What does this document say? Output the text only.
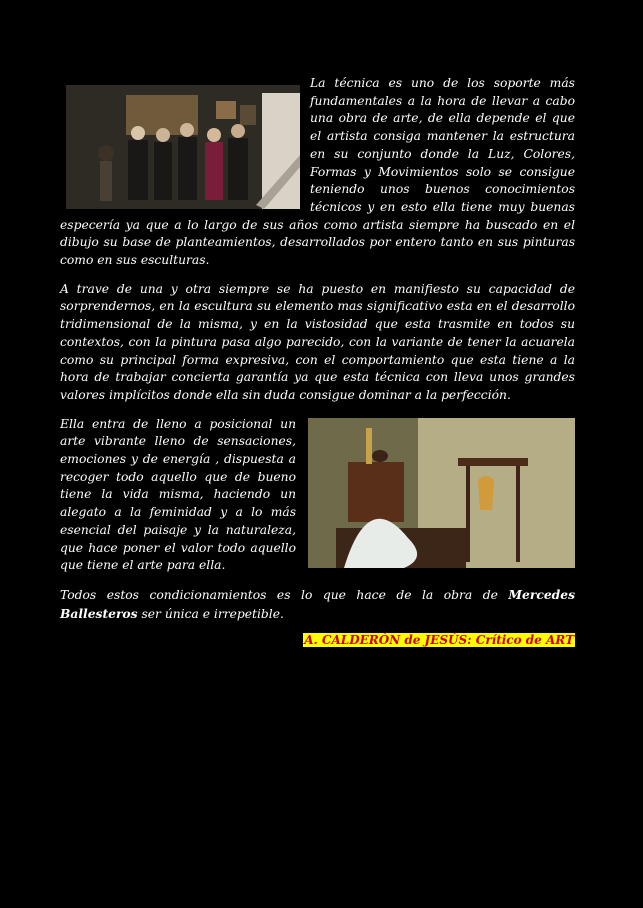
La técnica es uno de los soporte más fundamentales a la hora de llevar a cabo una obra de arte, de ella depende el que el artista consiga mantener la estructura en su conjunto donde la Luz, Colores, Formas y Movimientos solo se consigue teniendo unos buenos conocimientos técnicos y en esto ella tiene muy buenas especería ya que a lo largo de sus años como artista siempre ha buscado en el dibujo su base de planteamientos, desarrollados por entero tanto en sus pinturas como en sus esculturas.

A trave de una y otra siempre se ha puesto en manifiesto su capacidad de sorprendernos, en la escultura su elemento mas significativo esta en el desarrollo tridimensional de la misma, y en la vistosidad que esta trasmite en todos su contextos, con la pintura pasa algo parecido, con la variante de tener la acuarela como su principal forma expresiva, con el comportamiento que esta tiene a la hora de trabajar concierta garantía ya que esta técnica con lleva unos grandes valores implícitos donde ella sin duda consigue dominar a la perfección.

Ella entra de lleno a posicional un arte vibrante lleno de sensaciones, emociones y de energía , dispuesta a recoger todo aquello que de bueno tiene la vida misma, haciendo un alegato a la feminidad y a lo más esencial del paisaje y la naturaleza, que hace poner el valor todo aquello que tiene el arte para ella.

Todos estos condicionamientos es lo que hace de la obra de Mercedes Ballesteros ser única e irrepetible.

A. CALDERÓN de JESÚS: Crítico de ART
